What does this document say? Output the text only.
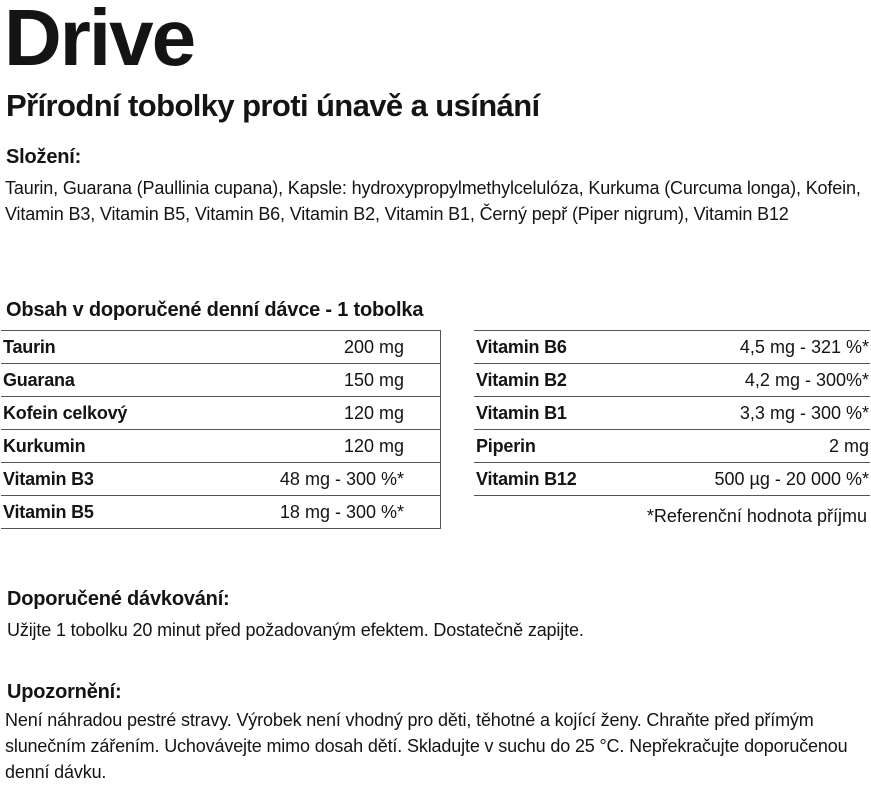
Drive
Přírodní tobolky proti únavě a usínání
Složení:

Taurin, Guarana (Paullinia cupana), Kapsle: hydroxypropylmethylcelulóza, Kurkuma (Curcuma longa), Kofein, Vitamin B3, Vitamin B5, Vitamin B6, Vitamin B2, Vitamin B1, Černý pepř (Piper nigrum), Vitamin B12

Obsah v doporučené denní dávce - 1 tobolka
Taurin	200 mg
Guarana	150 mg
Kofein celkový	120 mg
Kurkumin	120 mg
Vitamin B3	48 mg - 300 %*
Vitamin B5	18 mg - 300 %*
Vitamin B6	4,5 mg - 321 %*
Vitamin B2	4,2 mg - 300%*
Vitamin B1	3,3 mg - 300 %*
Piperin	2 mg
Vitamin B12	500 µg - 20 000 %*

*Referenční hodnota příjmu

Doporučené dávkování:

Užijte 1 tobolku 20 minut před požadovaným efektem. Dostatečně zapijte.

Upozornění:

Není náhradou pestré stravy. Výrobek není vhodný pro děti, těhotné a kojící ženy. Chraňte před přímým slunečním zářením. Uchovávejte mimo dosah dětí. Skladujte v suchu do 25 °C. Nepřekračujte doporučenou denní dávku.
